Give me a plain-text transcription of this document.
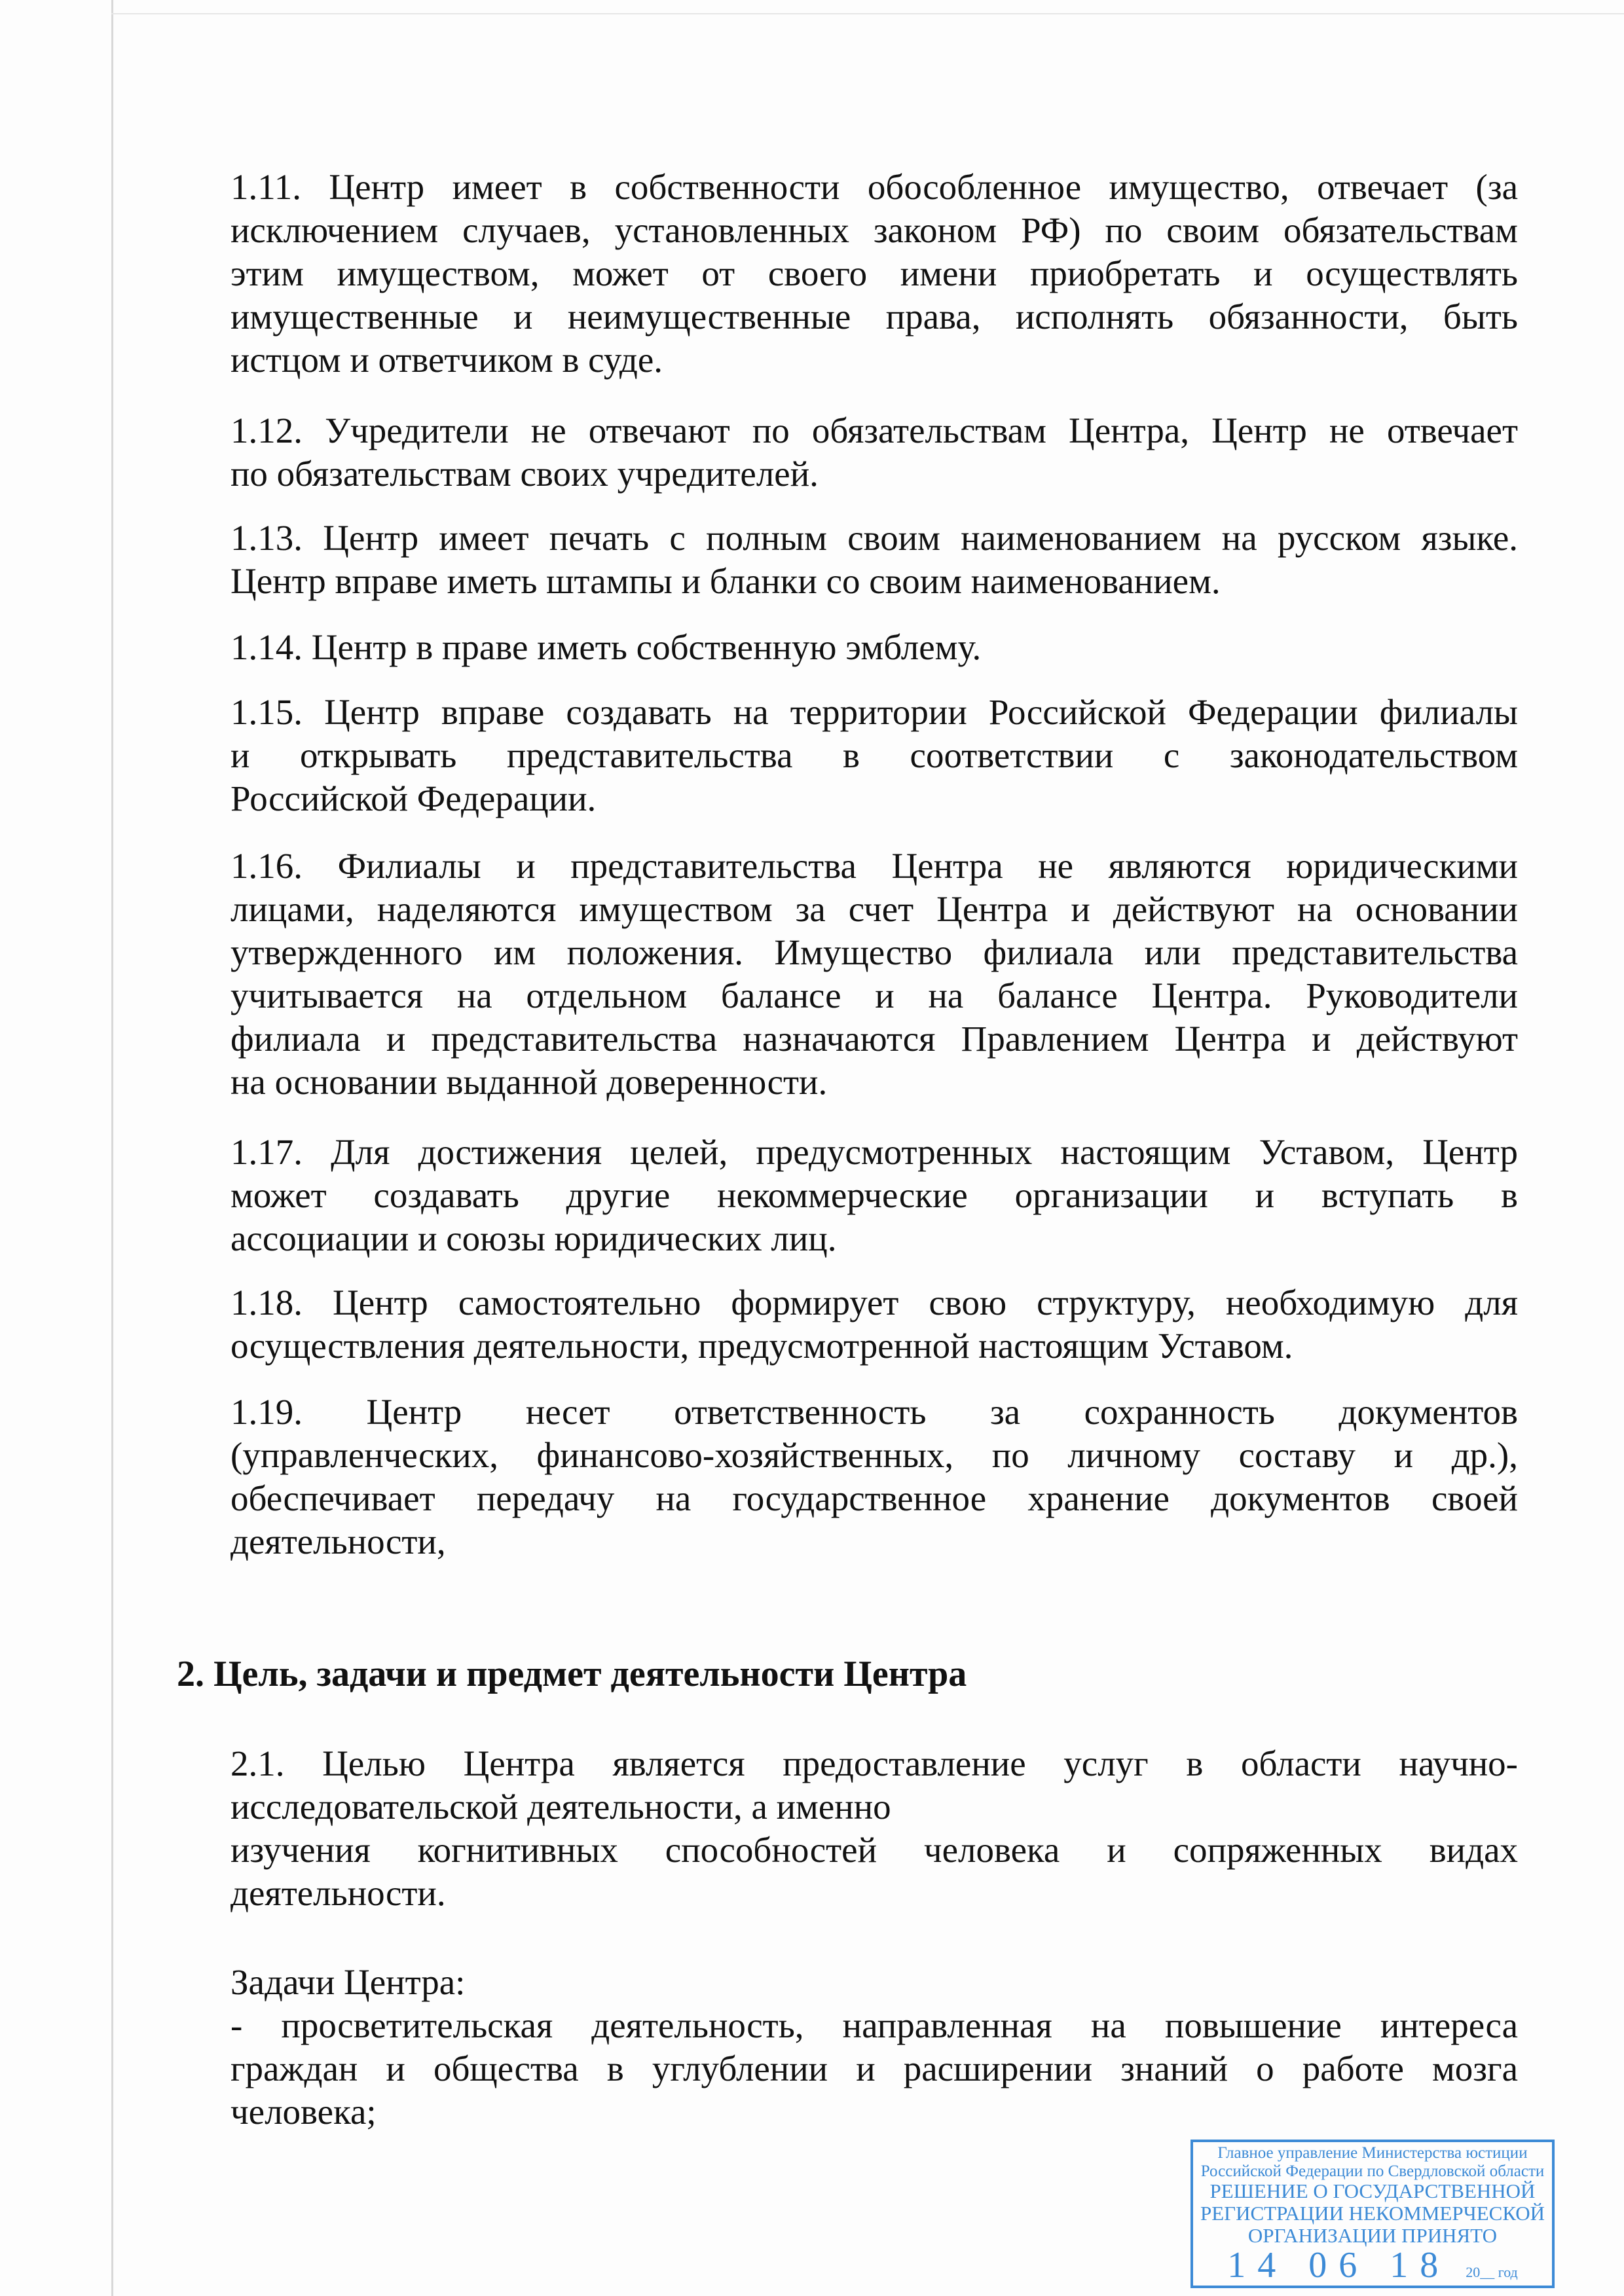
1.11. Центр имеет в собственности обособленное имущество, отвечает (за
исключением случаев, установленных законом РФ) по своим обязательствам
этим имуществом, может от своего имени приобретать и осуществлять
имущественные и неимущественные права, исполнять обязанности, быть
истцом и ответчиком в суде.
1.12. Учредители не отвечают по обязательствам Центра, Центр не отвечает
по обязательствам своих учредителей.
1.13. Центр имеет печать с полным своим наименованием на русском языке.
Центр вправе иметь штампы и бланки со своим наименованием.
1.14. Центр в праве иметь собственную эмблему.
1.15. Центр вправе создавать на территории Российской Федерации филиалы
и открывать представительства в соответствии с законодательством
Российской Федерации.
1.16. Филиалы и представительства Центра не являются юридическими
лицами, наделяются имуществом за счет Центра и действуют на основании
утвержденного им положения. Имущество филиала или представительства
учитывается на отдельном балансе и на балансе Центра. Руководители
филиала и представительства назначаются Правлением Центра и действуют
на основании выданной доверенности.
1.17. Для достижения целей, предусмотренных настоящим Уставом, Центр
может создавать другие некоммерческие организации и вступать в
ассоциации и союзы юридических лиц.
1.18. Центр самостоятельно формирует свою структуру, необходимую для
осуществления деятельности, предусмотренной настоящим Уставом.
1.19. Центр несет ответственность за сохранность документов
(управленческих, финансово-хозяйственных, по личному составу и др.),
обеспечивает передачу на государственное хранение документов своей
деятельности,
2.1. Целью Центра является предоставление услуг в области научно-
исследовательской деятельности, а именно
изучения когнитивных способностей человека и сопряженных видах
деятельности.
Задачи Центра:
- просветительская деятельность, направленная на повышение интереса
граждан и общества в углублении и расширении знаний о работе мозга
человека;
2. Цель, задачи и предмет деятельности Центра
Главное управление Министерства юстиции
Российской Федерации по Свердловской области
РЕШЕНИЕ О ГОСУДАРСТВЕННОЙ
РЕГИСТРАЦИИ НЕКОММЕРЧЕСКОЙ
ОРГАНИЗАЦИИ ПРИНЯТО
14 06 18 20__ год
